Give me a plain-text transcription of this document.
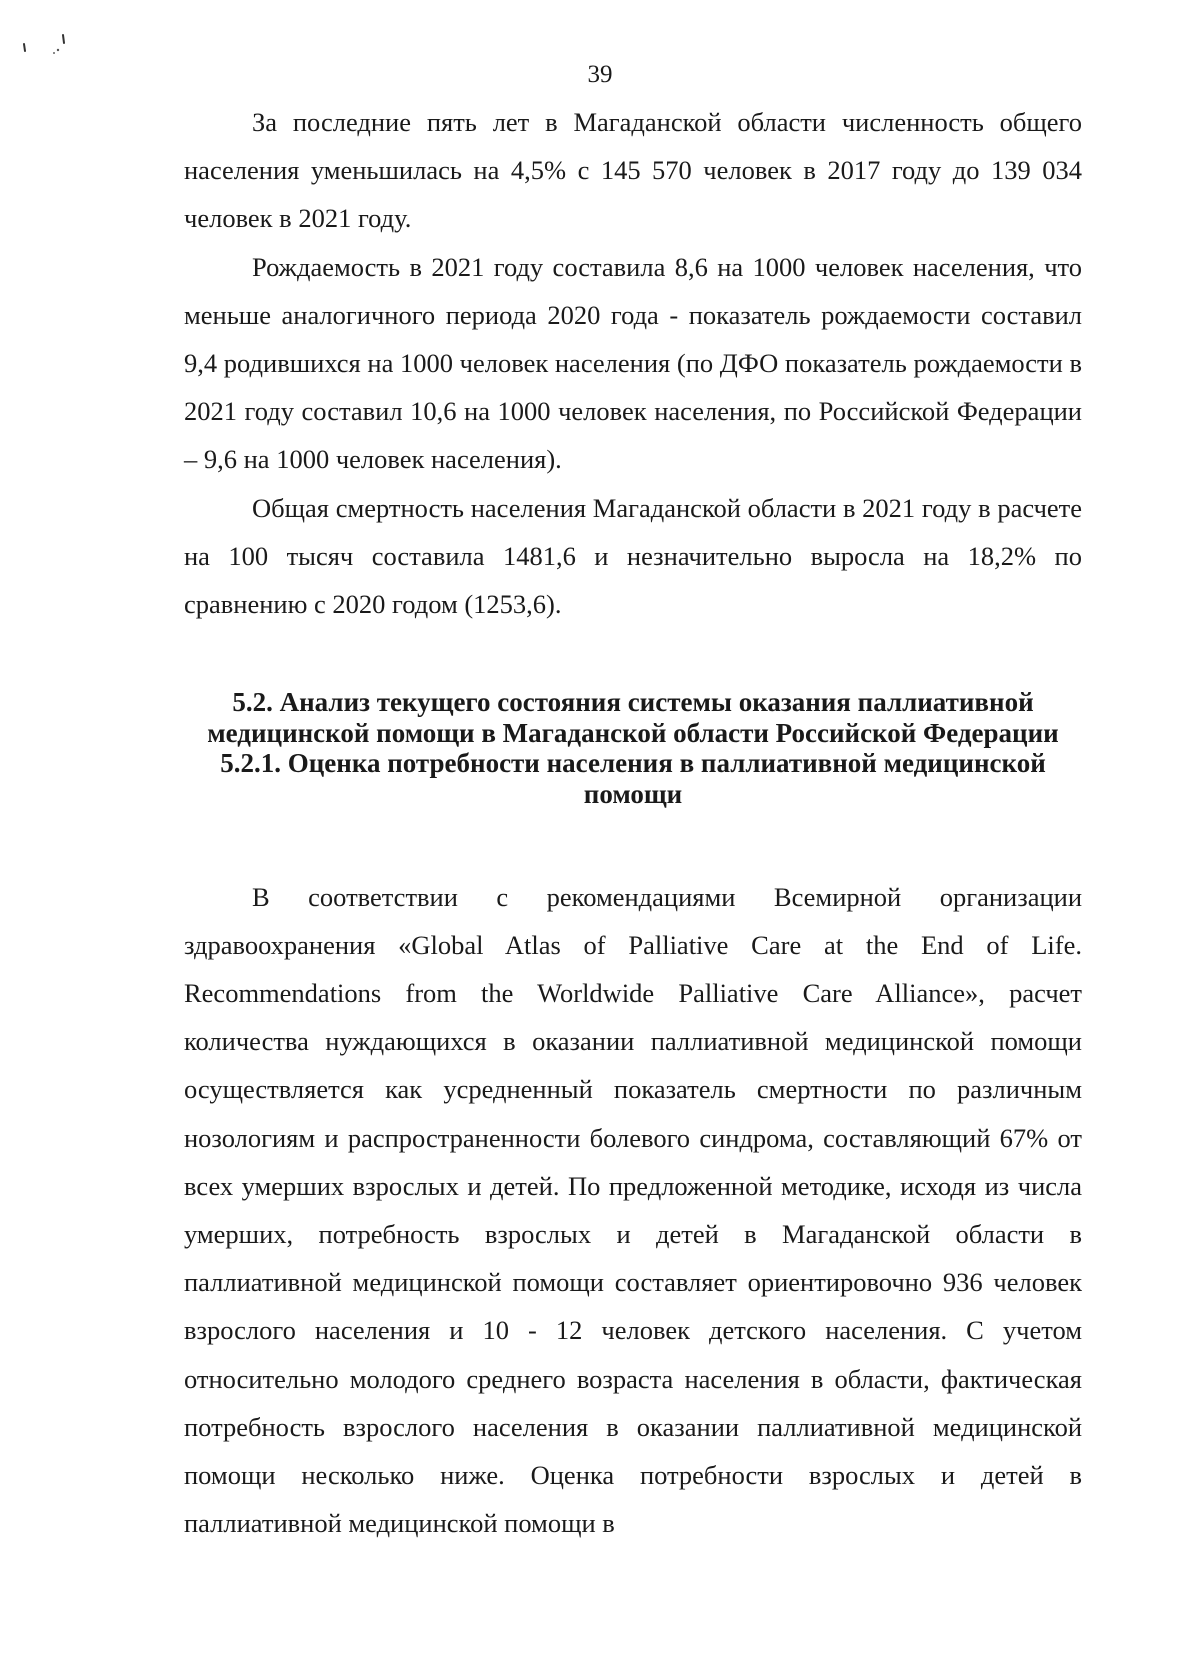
39

За последние пять лет в Магаданской области численность общего населения уменьшилась на 4,5% с 145 570 человек в 2017 году до 139 034 человек в 2021 году.

Рождаемость в 2021 году составила 8,6 на 1000 человек населения, что меньше аналогичного периода 2020 года - показатель рождаемости составил 9,4 родившихся на 1000 человек населения (по ДФО показатель рождаемости в 2021 году составил 10,6 на 1000 человек населения, по Российской Федерации – 9,6 на 1000 человек населения).

Общая смертность населения Магаданской области в 2021 году в расчете на 100 тысяч составила 1481,6 и незначительно выросла на 18,2% по сравнению с 2020 годом (1253,6).

5.2. Анализ текущего состояния системы оказания паллиативной
медицинской помощи в Магаданской области Российской Федерации
5.2.1. Оценка потребности населения в паллиативной медицинской
помощи

В соответствии с рекомендациями Всемирной организации здравоохранения «Global Atlas of Palliative Care at the End of Life. Recommendations from the Worldwide Palliative Care Alliance», расчет количества нуждающихся в оказании паллиативной медицинской помощи осуществляется как усредненный показатель смертности по различным нозологиям и распространенности болевого синдрома, составляющий 67% от всех умерших взрослых и детей. По предложенной методике, исходя из числа умерших, потребность взрослых и детей в Магаданской области в паллиативной медицинской помощи составляет ориентировочно 936 человек взрослого населения и 10 - 12 человек детского населения. С учетом относительно молодого среднего возраста населения в области, фактическая потребность взрослого населения в оказании паллиативной медицинской помощи несколько ниже. Оценка потребности взрослых и детей в паллиативной медицинской помощи в
